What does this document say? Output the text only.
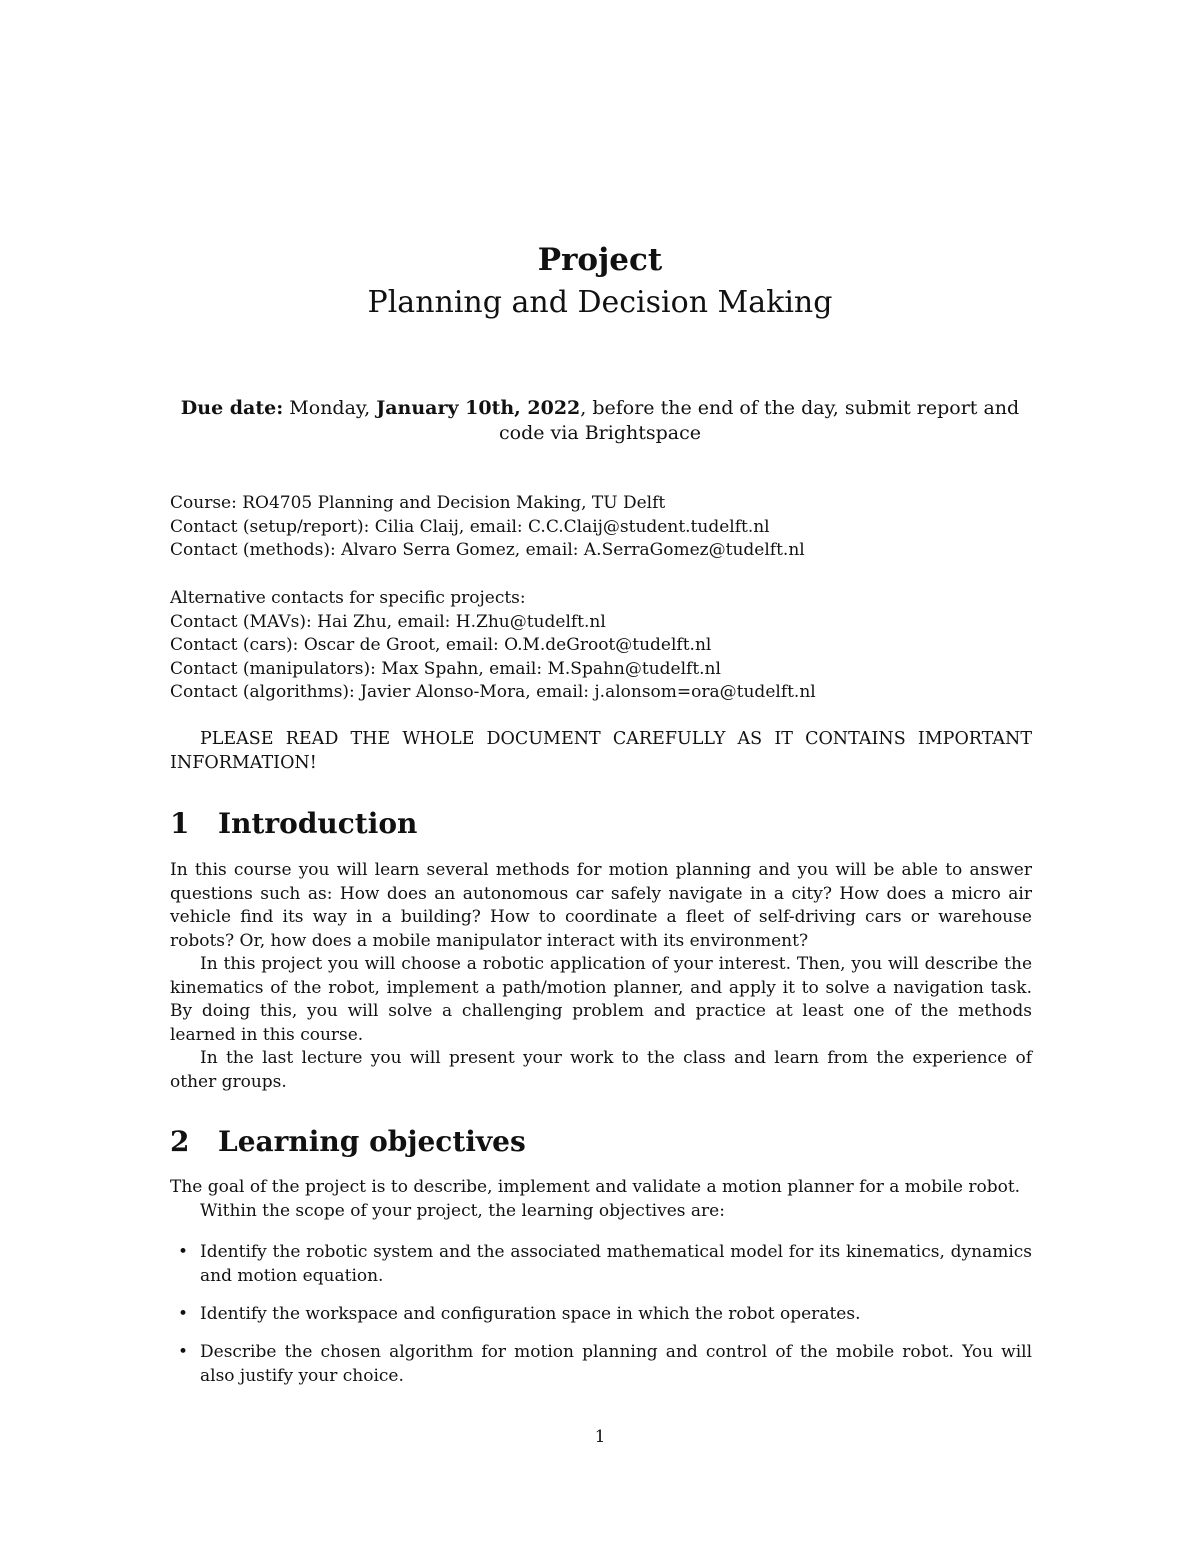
Project
Planning and Decision Making
Due date: Monday, January 10th, 2022, before the end of the day, submit report and code via Brightspace
Course: RO4705 Planning and Decision Making, TU Delft
Contact (setup/report): Cilia Claij, email: C.C.Claij@student.tudelft.nl
Contact (methods): Alvaro Serra Gomez, email: A.SerraGomez@tudelft.nl
Alternative contacts for specific projects:
Contact (MAVs): Hai Zhu, email: H.Zhu@tudelft.nl
Contact (cars): Oscar de Groot, email: O.M.deGroot@tudelft.nl
Contact (manipulators): Max Spahn, email: M.Spahn@tudelft.nl
Contact (algorithms): Javier Alonso-Mora, email: j.alonsom=ora@tudelft.nl
PLEASE READ THE WHOLE DOCUMENT CAREFULLY AS IT CONTAINS IMPORTANT INFORMATION!
1 Introduction

In this course you will learn several methods for motion planning and you will be able to answer questions such as: How does an autonomous car safely navigate in a city? How does a micro air vehicle find its way in a building? How to coordinate a fleet of self-driving cars or warehouse robots? Or, how does a mobile manipulator interact with its environment?

In this project you will choose a robotic application of your interest. Then, you will describe the kinematics of the robot, implement a path/motion planner, and apply it to solve a navigation task. By doing this, you will solve a challenging problem and practice at least one of the methods learned in this course.

In the last lecture you will present your work to the class and learn from the experience of other groups.

2 Learning objectives

The goal of the project is to describe, implement and validate a motion planner for a mobile robot.

Within the scope of your project, the learning objectives are:

• Identify the robotic system and the associated mathematical model for its kinematics, dynamics and motion equation.
• Identify the workspace and configuration space in which the robot operates.
• Describe the chosen algorithm for motion planning and control of the mobile robot. You will also justify your choice.
1
